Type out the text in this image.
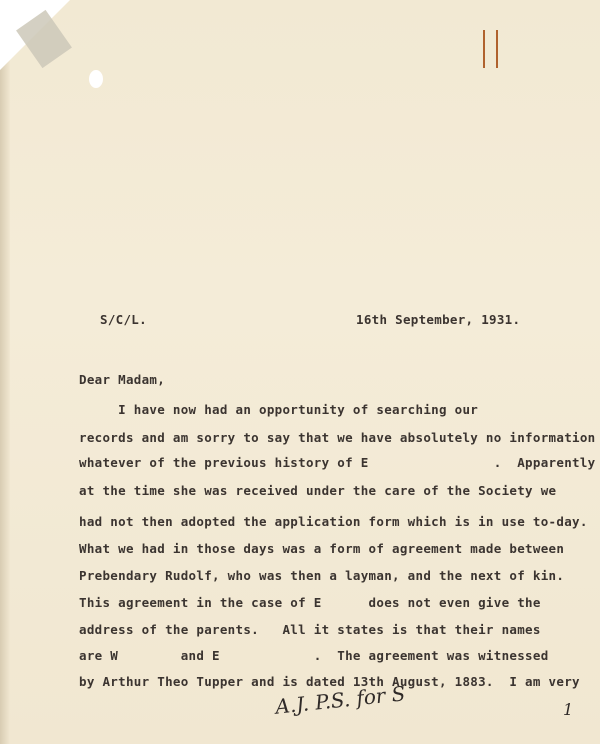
S/C/L.	16th September, 1931.

Dear Madam,

I have now had an opportunity of searching our

records and am sorry to say that we have absolutely no information

whatever of the previous history of E                .  Apparently

at the time she was received under the care of the Society we

had not then adopted the application form which is in use to-day.

What we had in those days was a form of agreement made between

Prebendary Rudolf, who was then a layman, and the next of kin.

This agreement in the case of E      does not even give the

address of the parents.   All it states is that their names

are W        and E            .  The agreement was witnessed

by Arthur Theo Tupper and is dated 13th August, 1883.  I am very

A.J. P.S. for S	1
